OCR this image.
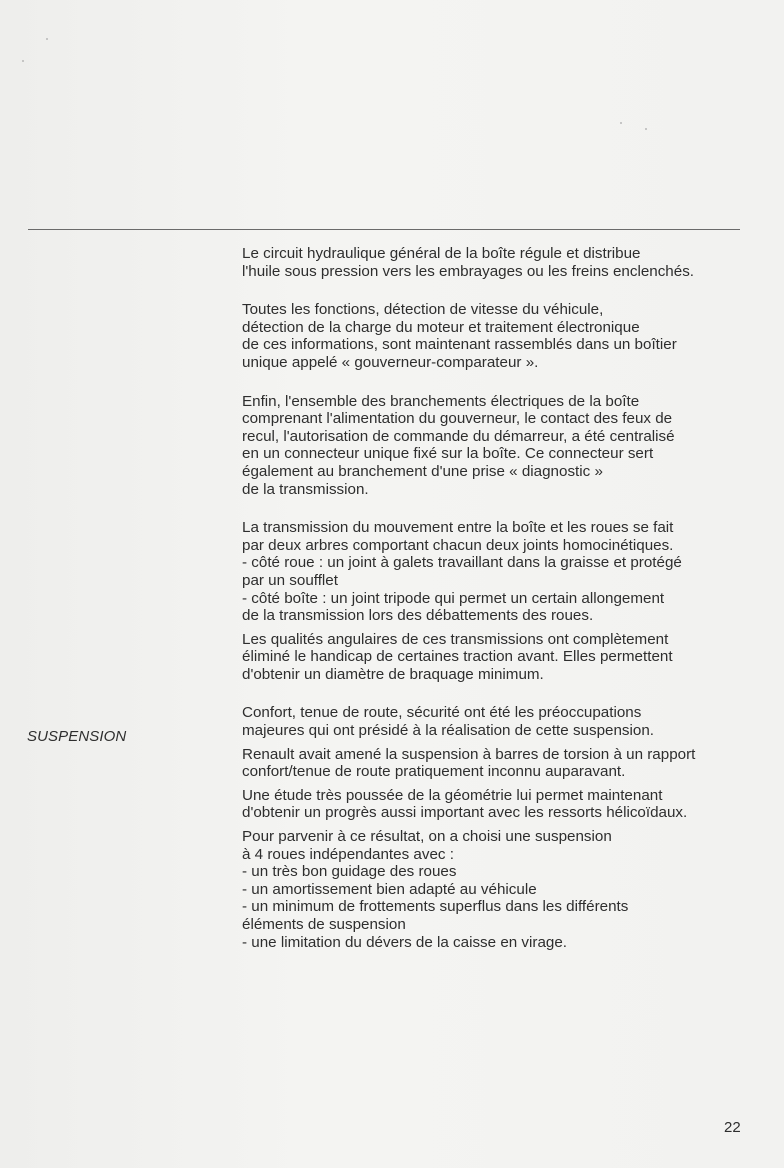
SUSPENSION

Le circuit hydraulique général de la boîte régule et distribue
l'huile sous pression vers les embrayages ou les freins enclenchés.

Toutes les fonctions, détection de vitesse du véhicule,
détection de la charge du moteur et traitement électronique
de ces informations, sont maintenant rassemblés dans un boîtier
unique appelé « gouverneur-comparateur ».

Enfin, l'ensemble des branchements électriques de la boîte
comprenant l'alimentation du gouverneur, le contact des feux de
recul, l'autorisation de commande du démarreur, a été centralisé
en un connecteur unique fixé sur la boîte. Ce connecteur sert
également au branchement d'une prise « diagnostic »
de la transmission.

La transmission du mouvement entre la boîte et les roues se fait
par deux arbres comportant chacun deux joints homocinétiques.
- côté roue : un joint à galets travaillant dans la graisse et protégé
par un soufflet
- côté boîte : un joint tripode qui permet un certain allongement
de la transmission lors des débattements des roues.

Les qualités angulaires de ces transmissions ont complètement
éliminé le handicap de certaines traction avant. Elles permettent
d'obtenir un diamètre de braquage minimum.

Confort, tenue de route, sécurité ont été les préoccupations
majeures qui ont présidé à la réalisation de cette suspension.

Renault avait amené la suspension à barres de torsion à un rapport
confort/tenue de route pratiquement inconnu auparavant.

Une étude très poussée de la géométrie lui permet maintenant
d'obtenir un progrès aussi important avec les ressorts hélicoïdaux.

Pour parvenir à ce résultat, on a choisi une suspension
à 4 roues indépendantes avec :
- un très bon guidage des roues
- un amortissement bien adapté au véhicule
- un minimum de frottements superflus dans les différents
éléments de suspension
- une limitation du dévers de la caisse en virage.

22
